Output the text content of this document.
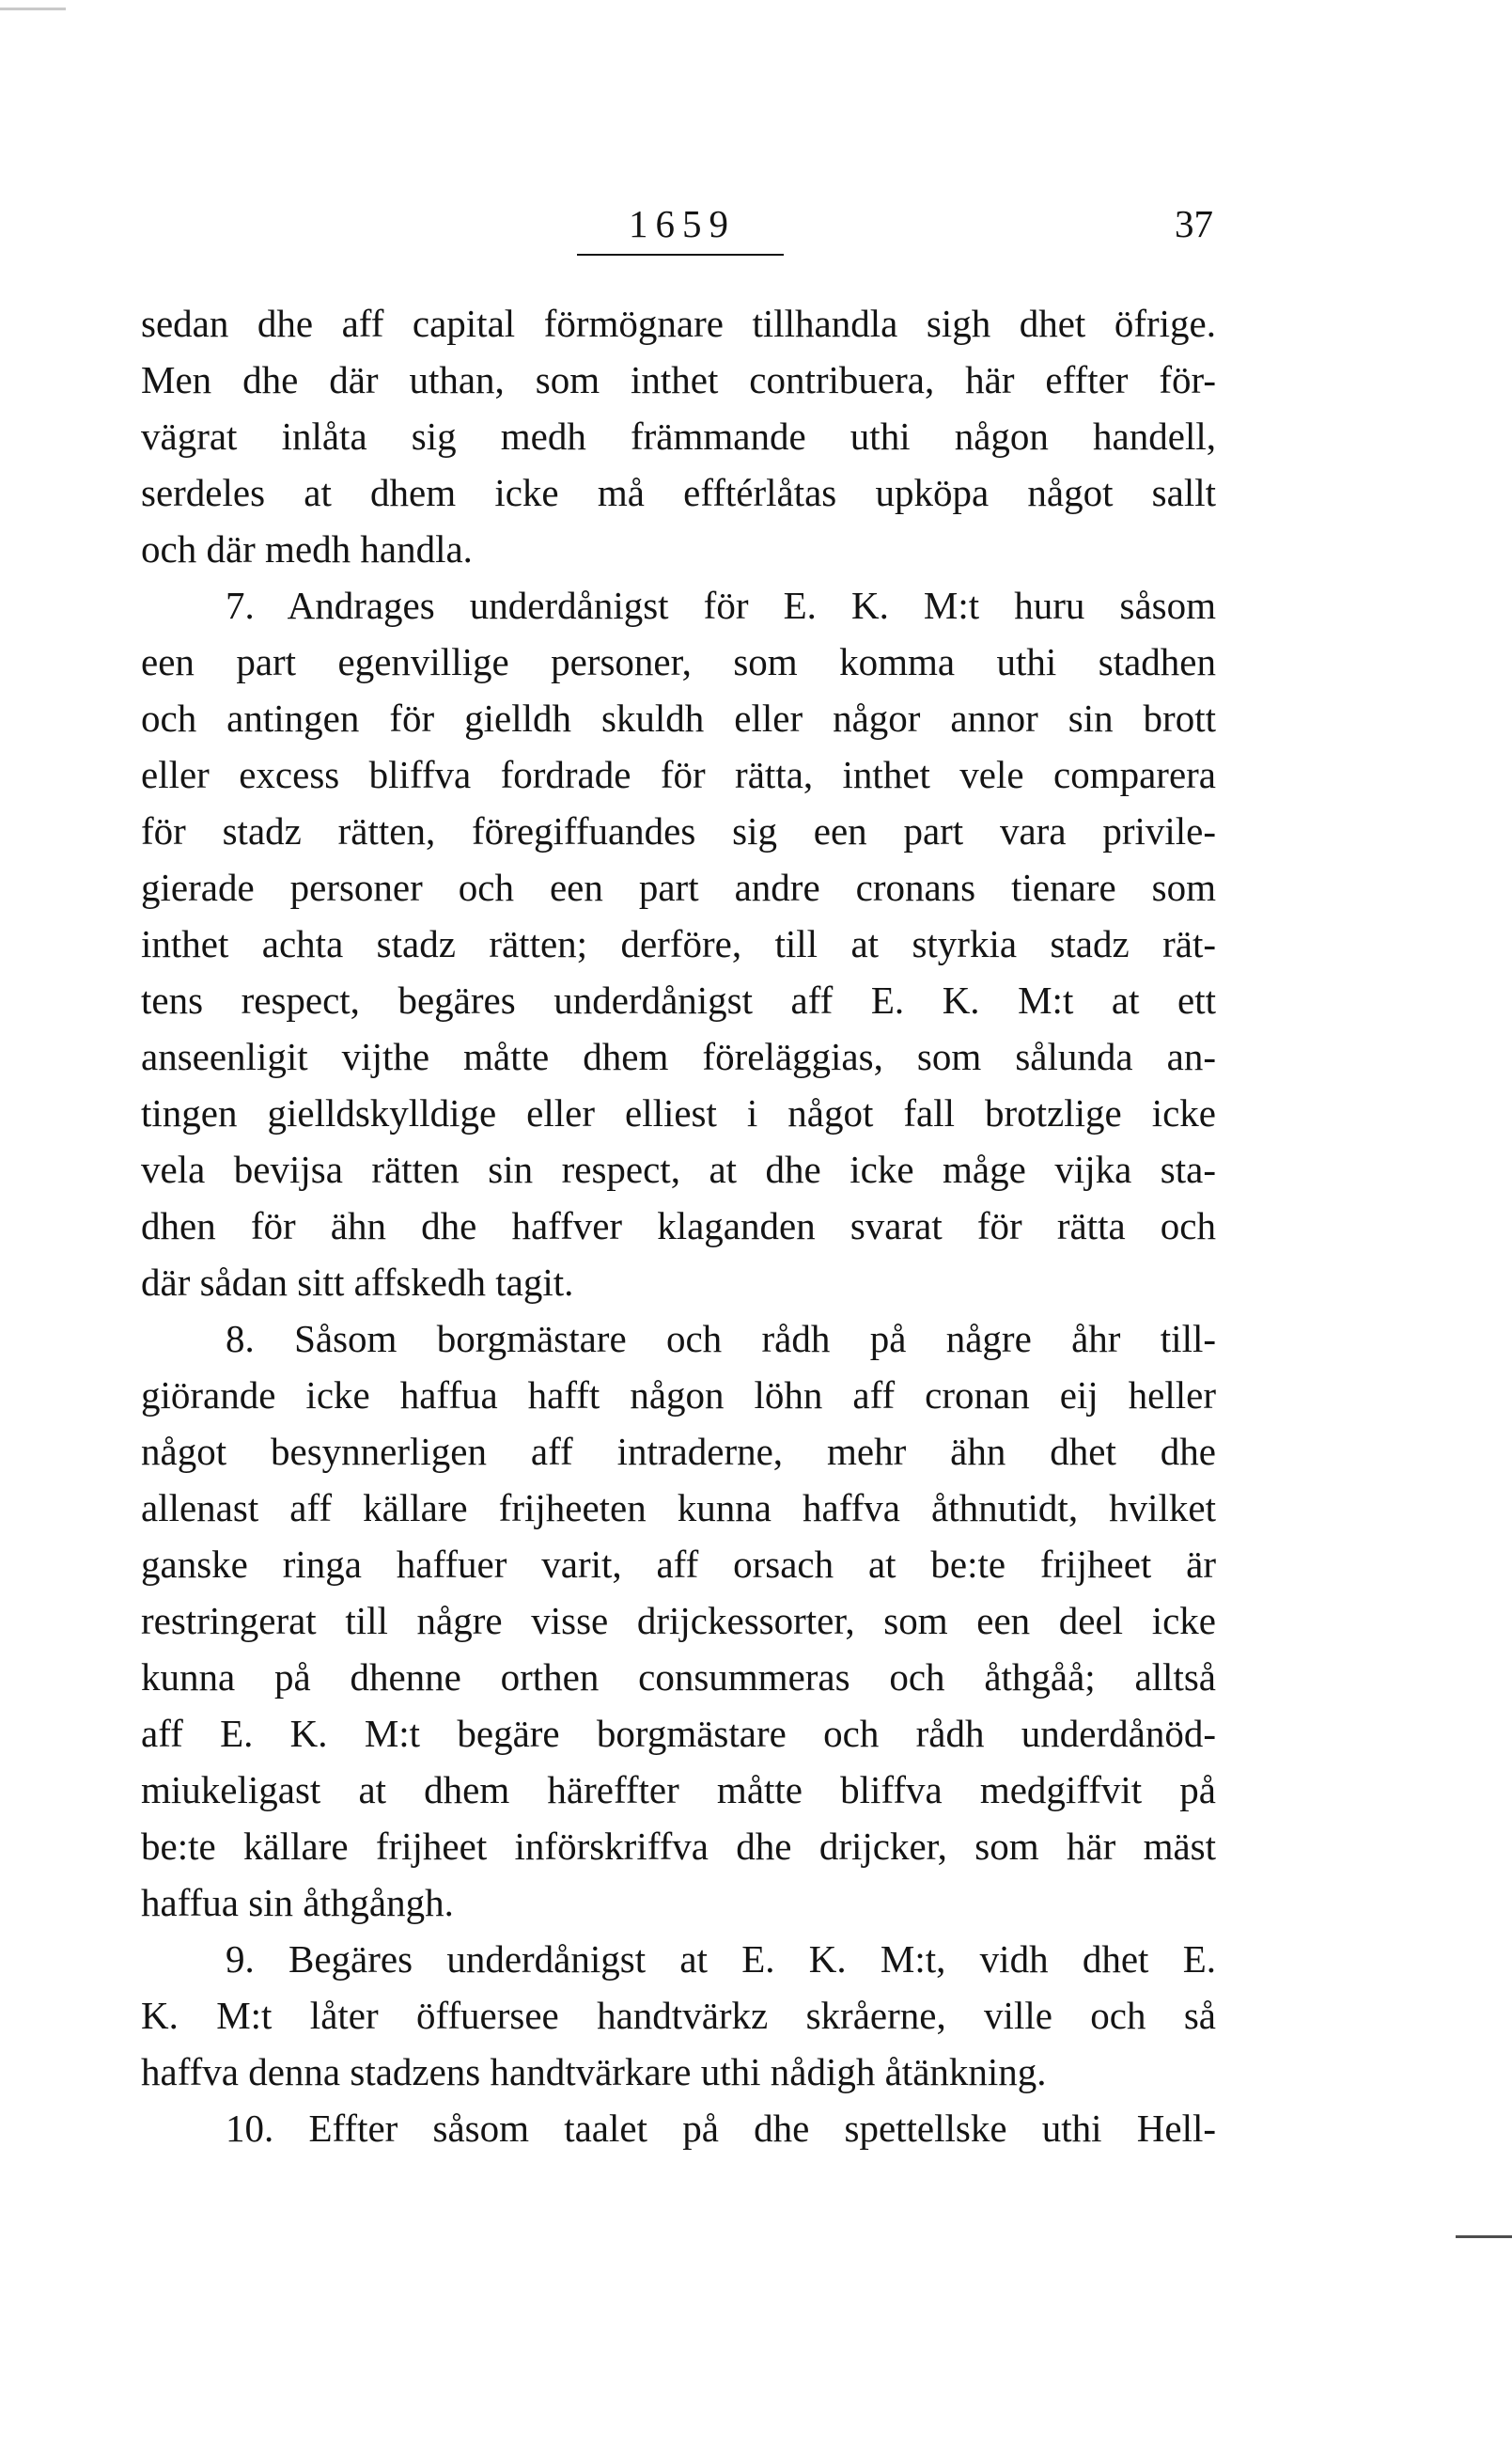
1659	37
sedan dhe aff capital förmögnare tillhandla sigh dhet öfrige.
Men dhe där uthan, som inthet contribuera, här effter för-
vägrat inlåta sig medh främmande uthi någon handell,
serdeles at dhem icke må efftérlåtas upköpa något sallt
och där medh handla.
7. Andrages underdånigst för E. K. M:t huru såsom
een part egenvillige personer, som komma uthi stadhen
och antingen för gielldh skuldh eller någor annor sin brott
eller excess bliffva fordrade för rätta, inthet vele comparera
för stadz rätten, föregiffuandes sig een part vara privile-
gierade personer och een part andre cronans tienare som
inthet achta stadz rätten; derföre, till at styrkia stadz rät-
tens respect, begäres underdånigst aff E. K. M:t at ett
anseenligit vijthe måtte dhem föreläggias, som sålunda an-
tingen gielldskylldige eller elliest i något fall brotzlige icke
vela bevijsa rätten sin respect, at dhe icke måge vijka sta-
dhen för ähn dhe haffver klaganden svarat för rätta och
där sådan sitt affskedh tagit.
8. Såsom borgmästare och rådh på någre åhr till-
giörande icke haffua hafft någon löhn aff cronan eij heller
något besynnerligen aff intraderne, mehr ähn dhet dhe
allenast aff källare frijheeten kunna haffva åthnutidt, hvilket
ganske ringa haffuer varit, aff orsach at be:te frijheet är
restringerat till någre visse drijckessorter, som een deel icke
kunna på dhenne orthen consummeras och åthgåå; alltså
aff E. K. M:t begäre borgmästare och rådh underdånöd-
miukeligast at dhem häreffter måtte bliffva medgiffvit på
be:te källare frijheet införskriffva dhe drijcker, som här mäst
haffua sin åthgångh.
9. Begäres underdånigst at E. K. M:t, vidh dhet E.
K. M:t låter öffuersee handtvärkz skråerne, ville och så
haffva denna stadzens handtvärkare uthi nådigh åtänkning.
10. Effter såsom taalet på dhe spettellske uthi Hell-
